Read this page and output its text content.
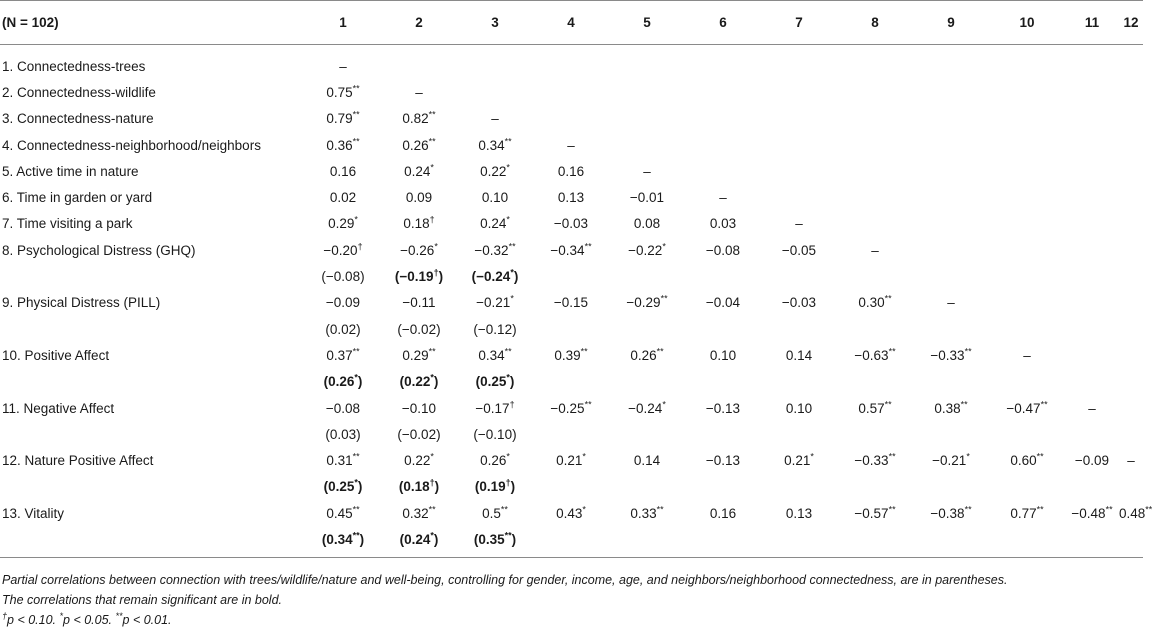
(N = 102)	1	2	3	4	5	6	7	8	9	10	11	12
1. Connectedness-trees	–											
2. Connectedness-wildlife	0.75**	–										
3. Connectedness-nature	0.79**	0.82**	–									
4. Connectedness-neighborhood/neighbors	0.36**	0.26**	0.34**	–								
5. Active time in nature	0.16	0.24*	0.22*	0.16	–							
6. Time in garden or yard	0.02	0.09	0.10	0.13	−0.01	–						
7. Time visiting a park	0.29*	0.18†	0.24*	−0.03	0.08	0.03	–					
8. Psychological Distress (GHQ)	−0.20†	−0.26*	−0.32**	−0.34**	−0.22*	−0.08	−0.05	–				
	(−0.08)	(−0.19†)	(−0.24*)									
9. Physical Distress (PILL)	−0.09	−0.11	−0.21*	−0.15	−0.29**	−0.04	−0.03	0.30**	–			
	(0.02)	(−0.02)	(−0.12)									
10. Positive Affect	0.37**	0.29**	0.34**	0.39**	0.26**	0.10	0.14	−0.63**	−0.33**	–		
	(0.26*)	(0.22*)	(0.25*)									
11. Negative Affect	−0.08	−0.10	−0.17†	−0.25**	−0.24*	−0.13	0.10	0.57**	0.38**	−0.47**	–	
	(0.03)	(−0.02)	(−0.10)									
12. Nature Positive Affect	0.31**	0.22*	0.26*	0.21*	0.14	−0.13	0.21*	−0.33**	−0.21*	0.60**	−0.09	–
	(0.25*)	(0.18†)	(0.19†)									
13. Vitality	0.45**	0.32**	0.5**	0.43*	0.33**	0.16	0.13	−0.57**	−0.38**	0.77**	−0.48**	0.48**
	(0.34**)	(0.24*)	(0.35**)									
Partial correlations between connection with trees/wildlife/nature and well-being, controlling for gender, income, age, and neighbors/neighborhood connectedness, are in parentheses.
The correlations that remain significant are in bold.
†p < 0.10. *p < 0.05. **p < 0.01.
